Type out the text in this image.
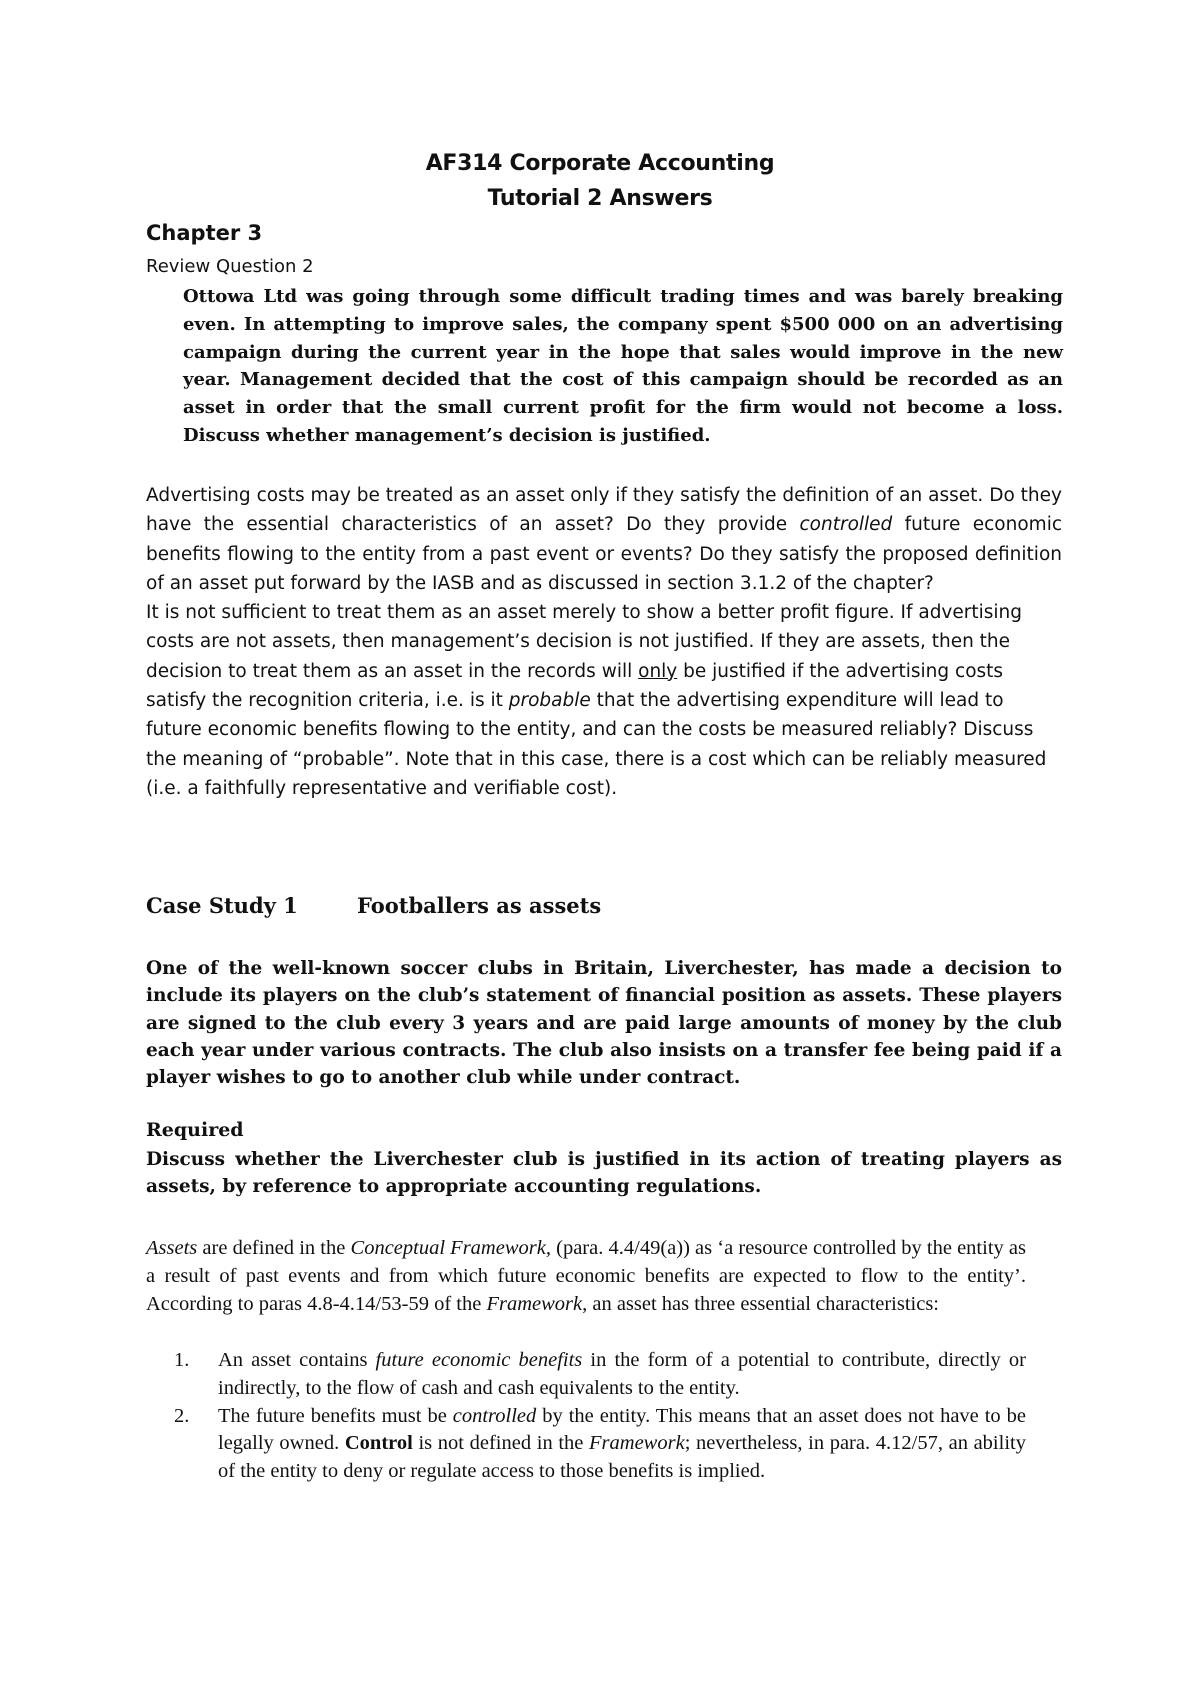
AF314 Corporate Accounting
Tutorial 2 Answers
Chapter 3
Review Question 2
Ottowa Ltd was going through some difficult trading times and was barely breaking even. In attempting to improve sales, the company spent $500 000 on an advertising campaign during the current year in the hope that sales would improve in the new year. Management decided that the cost of this campaign should be recorded as an asset in order that the small current profit for the firm would not become a loss. Discuss whether management’s decision is justified.

Advertising costs may be treated as an asset only if they satisfy the definition of an asset. Do they have the essential characteristics of an asset? Do they provide controlled future economic benefits flowing to the entity from a past event or events? Do they satisfy the proposed definition of an asset put forward by the IASB and as discussed in section 3.1.2 of the chapter?

It is not sufficient to treat them as an asset merely to show a better profit figure. If advertising costs are not assets, then management’s decision is not justified. If they are assets, then the decision to treat them as an asset in the records will only be justified if the advertising costs satisfy the recognition criteria, i.e. is it probable that the advertising expenditure will lead to future economic benefits flowing to the entity, and can the costs be measured reliably? Discuss the meaning of “probable”. Note that in this case, there is a cost which can be reliably measured (i.e. a faithfully representative and verifiable cost).

Case Study 1	Footballers as assets
One of the well-known soccer clubs in Britain, Liverchester, has made a decision to include its players on the club’s statement of financial position as assets. These players are signed to the club every 3 years and are paid large amounts of money by the club each year under various contracts. The club also insists on a transfer fee being paid if a player wishes to go to another club while under contract.
Required
Discuss whether the Liverchester club is justified in its action of treating players as assets, by reference to appropriate accounting regulations.
Assets are defined in the Conceptual Framework, (para. 4.4/49(a)) as ‘a resource controlled by the entity as a result of past events and from which future economic benefits are expected to flow to the entity’. According to paras 4.8-4.14/53-59 of the Framework, an asset has three essential characteristics:
1. An asset contains future economic benefits in the form of a potential to contribute, directly or indirectly, to the flow of cash and cash equivalents to the entity.
2. The future benefits must be controlled by the entity. This means that an asset does not have to be legally owned. Control is not defined in the Framework; nevertheless, in para. 4.12/57, an ability of the entity to deny or regulate access to those benefits is implied.
